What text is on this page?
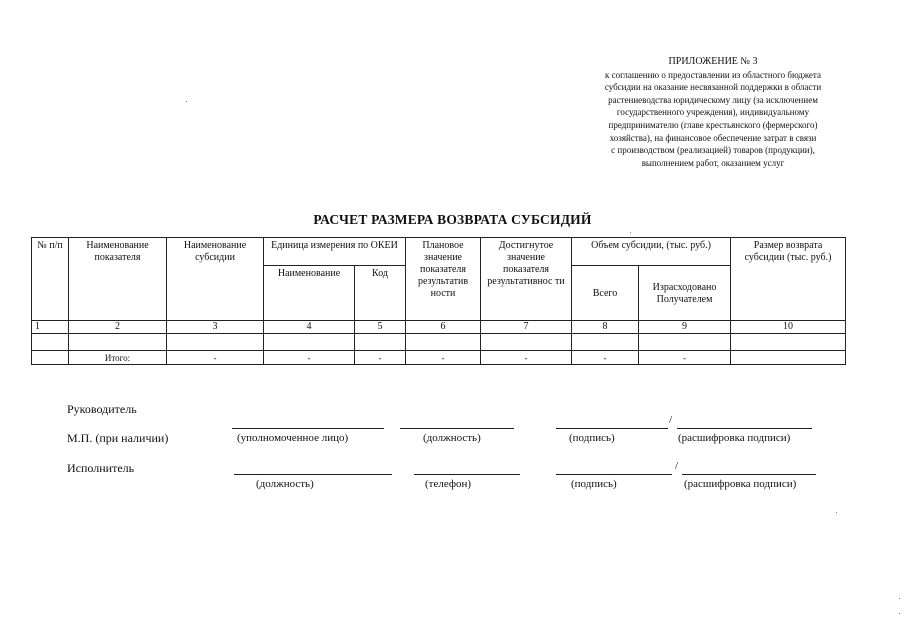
ПРИЛОЖЕНИЕ № 3
к соглашению о предоставлении из областного бюджета
субсидии на оказание несвязанной поддержки в области
растениеводства юридическому лицу (за исключением
государственного учреждения), индивидуальному
предпринимателю (главе крестьянского (фермерского)
хозяйства), на финансовое обеспечение затрат в связи
с производством (реализацией) товаров (продукции),
выполнением работ, оказанием услуг
РАСЧЕТ РАЗМЕРА ВОЗВРАТА СУБСИДИЙ
№ п/п	Наименование показателя	Наименование субсидии	Единица измерения по ОКЕИ		Плановое значение показателя результатив ности	Достигнутое значение показателя результативнос ти	Объем субсидии, (тыс. руб.)		Размер возврата субсидии (тыс. руб.)
			Наименование	Код			Всего	Израсходовано Получателем	
1	2	3	4	5	6	7	8	9	10

	Итого:	-	-	-	-	-	-	-	
Руководитель
М.П. (при наличии)
/
(уполномоченное лицо)	(должность)	(подпись)	(расшифровка подписи)
Исполнитель	/
(должность)	(телефон)	(подпись)	(расшифровка подписи)
